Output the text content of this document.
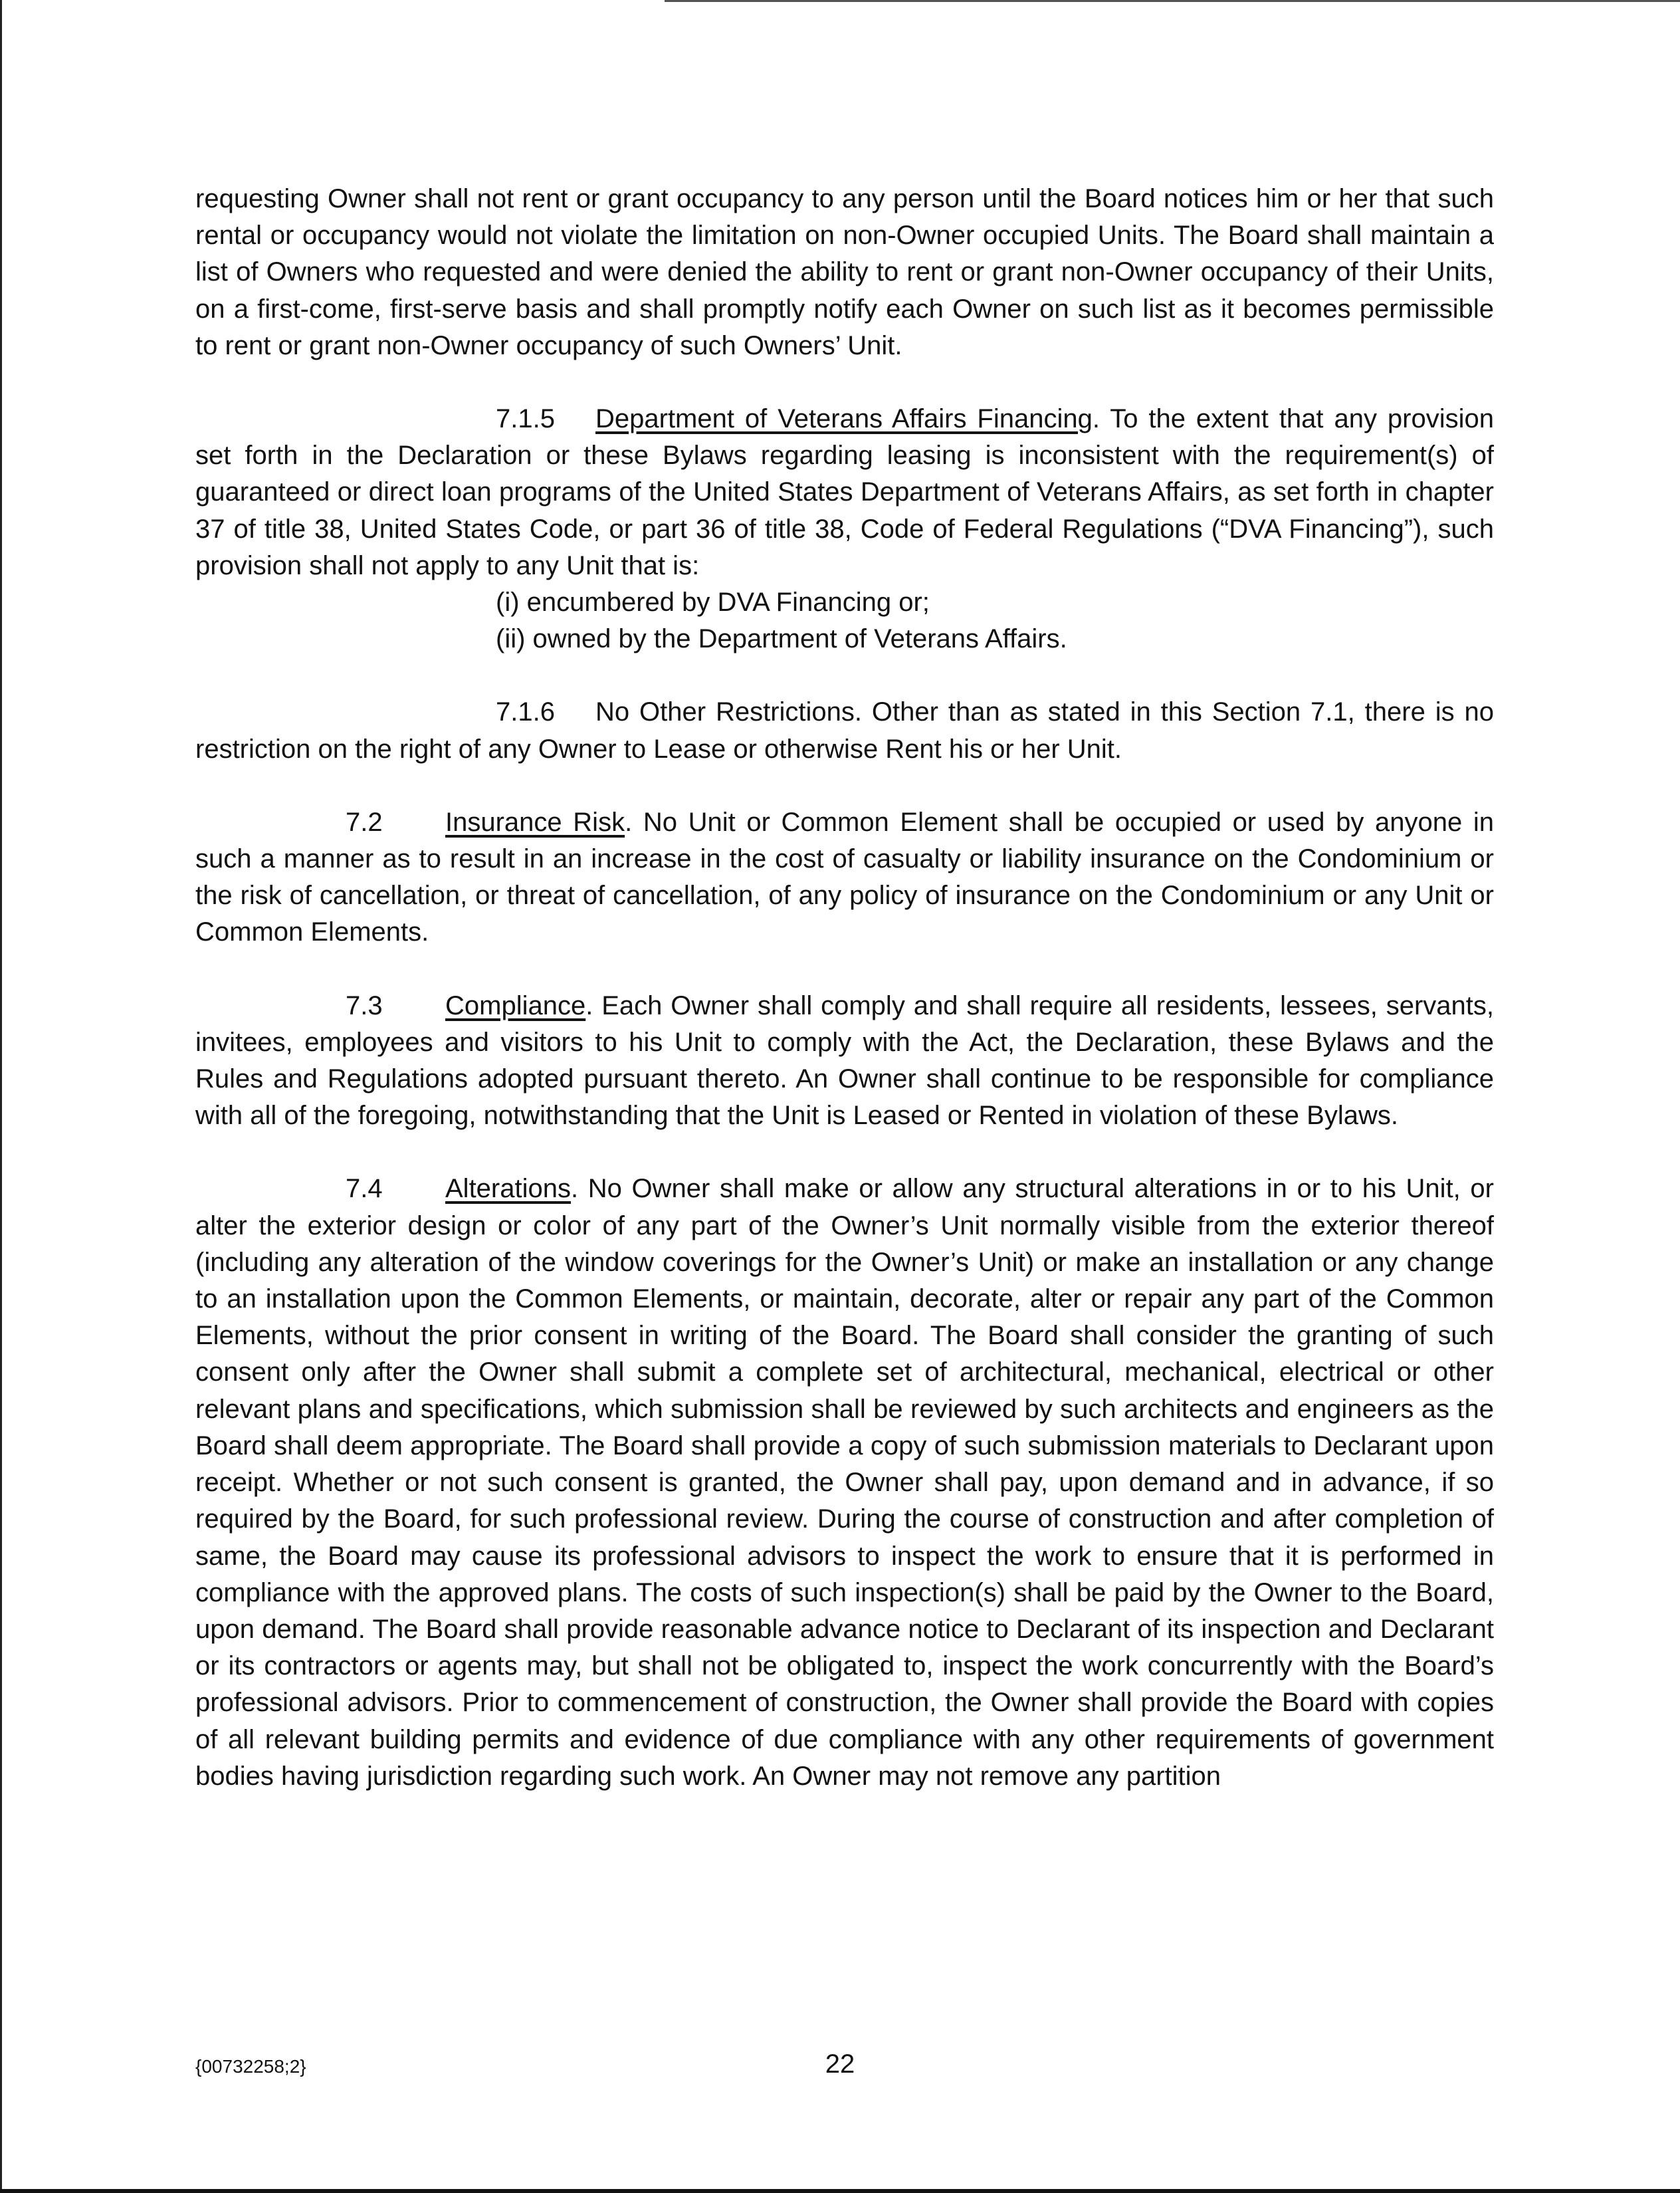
requesting Owner shall not rent or grant occupancy to any person until the Board notices him or her that such rental or occupancy would not violate the limitation on non-Owner occupied Units. The Board shall maintain a list of Owners who requested and were denied the ability to rent or grant non-Owner occupancy of their Units, on a first-come, first-serve basis and shall promptly notify each Owner on such list as it becomes permissible to rent or grant non-Owner occupancy of such Owners’ Unit.

7.1.5 Department of Veterans Affairs Financing. To the extent that any provision set forth in the Declaration or these Bylaws regarding leasing is inconsistent with the requirement(s) of guaranteed or direct loan programs of the United States Department of Veterans Affairs, as set forth in chapter 37 of title 38, United States Code, or part 36 of title 38, Code of Federal Regulations (“DVA Financing”), such provision shall not apply to any Unit that is:

(i) encumbered by DVA Financing or;

(ii) owned by the Department of Veterans Affairs.

7.1.6 No Other Restrictions. Other than as stated in this Section 7.1, there is no restriction on the right of any Owner to Lease or otherwise Rent his or her Unit.

7.2 Insurance Risk. No Unit or Common Element shall be occupied or used by anyone in such a manner as to result in an increase in the cost of casualty or liability insurance on the Condominium or the risk of cancellation, or threat of cancellation, of any policy of insurance on the Condominium or any Unit or Common Elements.

7.3 Compliance. Each Owner shall comply and shall require all residents, lessees, servants, invitees, employees and visitors to his Unit to comply with the Act, the Declaration, these Bylaws and the Rules and Regulations adopted pursuant thereto. An Owner shall continue to be responsible for compliance with all of the foregoing, notwithstanding that the Unit is Leased or Rented in violation of these Bylaws.

7.4 Alterations. No Owner shall make or allow any structural alterations in or to his Unit, or alter the exterior design or color of any part of the Owner’s Unit normally visible from the exterior thereof (including any alteration of the window coverings for the Owner’s Unit) or make an installation or any change to an installation upon the Common Elements, or maintain, decorate, alter or repair any part of the Common Elements, without the prior consent in writing of the Board. The Board shall consider the granting of such consent only after the Owner shall submit a complete set of architectural, mechanical, electrical or other relevant plans and specifications, which submission shall be reviewed by such architects and engineers as the Board shall deem appropriate. The Board shall provide a copy of such submission materials to Declarant upon receipt. Whether or not such consent is granted, the Owner shall pay, upon demand and in advance, if so required by the Board, for such professional review. During the course of construction and after completion of same, the Board may cause its professional advisors to inspect the work to ensure that it is performed in compliance with the approved plans. The costs of such inspection(s) shall be paid by the Owner to the Board, upon demand. The Board shall provide reasonable advance notice to Declarant of its inspection and Declarant or its contractors or agents may, but shall not be obligated to, inspect the work concurrently with the Board’s professional advisors. Prior to commencement of construction, the Owner shall provide the Board with copies of all relevant building permits and evidence of due compliance with any other requirements of government bodies having jurisdiction regarding such work. An Owner may not remove any partition

{00732258;2}	22
